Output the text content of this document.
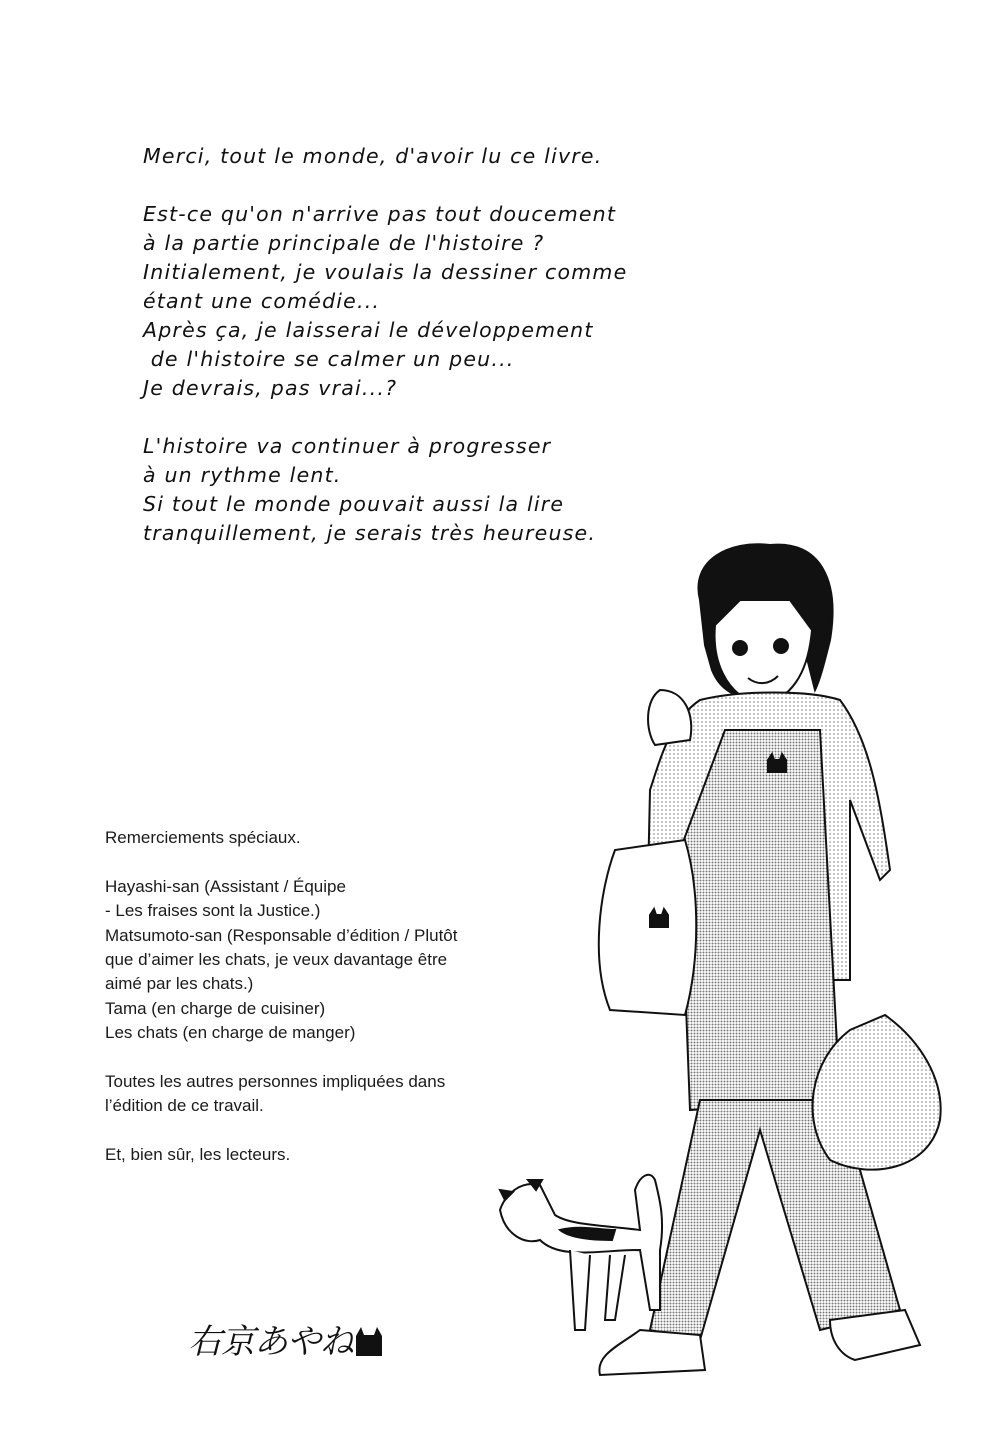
Merci, tout le monde, d'avoir lu ce livre.
Est-ce qu'on n'arrive pas tout doucement
à la partie principale de l'histoire ?
Initialement, je voulais la dessiner comme
étant une comédie...
Après ça, je laisserai le développement
de l'histoire se calmer un peu...
Je devrais, pas vrai...?
L'histoire va continuer à progresser
à un rythme lent.
Si tout le monde pouvait aussi la lire
tranquillement, je serais très heureuse.
Remerciements spéciaux.
Hayashi-san (Assistant / Équipe
- Les fraises sont la Justice.)
Matsumoto-san (Responsable d’édition / Plutôt
que d’aimer les chats, je veux davantage être
aimé par les chats.)
Tama (en charge de cuisiner)
Les chats (en charge de manger)
Toutes les autres personnes impliquées dans
l’édition de ce travail.
Et, bien sûr, les lecteurs.
右京あやね
